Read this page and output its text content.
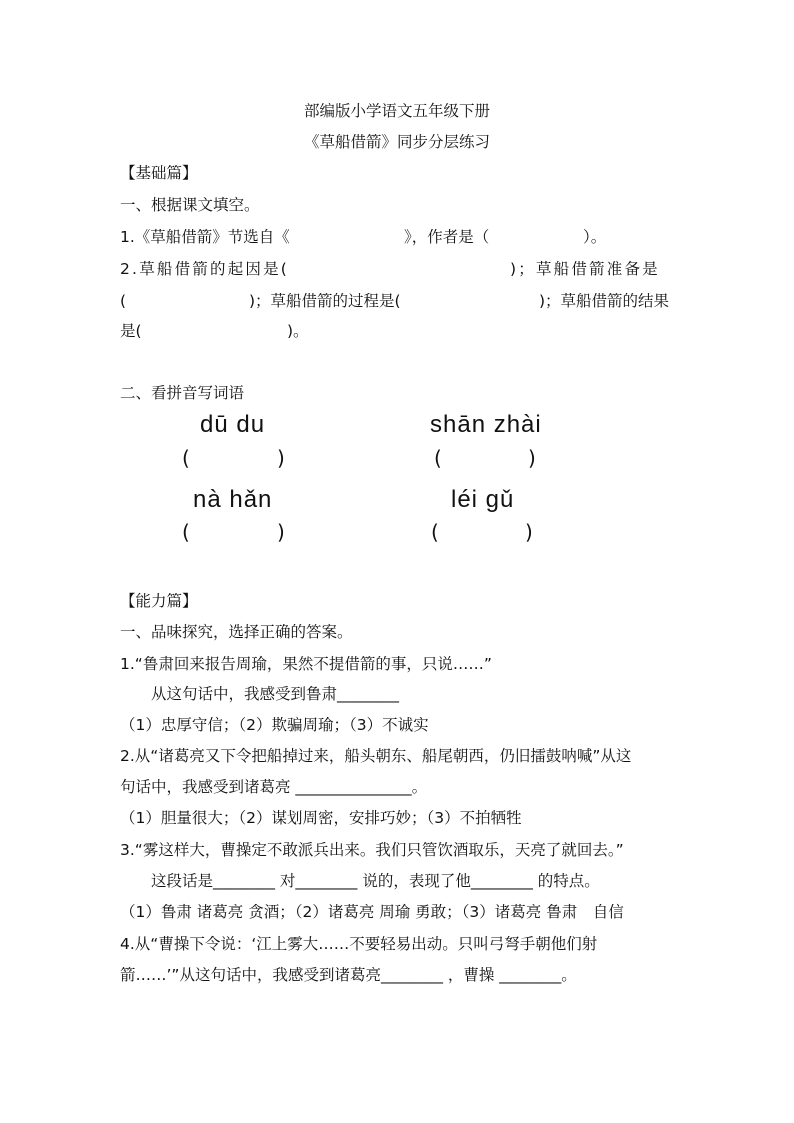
部编版小学语文五年级下册
《草船借箭》同步分层练习
【基础篇】
一、根据课文填空。
1.《草船借箭》节选自《	》，作者是（	）。
2.草船借箭的起因是(	)；草船借箭准备是
(	)；草船借箭的过程是(	)；草船借箭的结果
是(	)。
二、看拼音写词语
dū du	shān zhài
(	)	(	)
nà hǎn	léi gǔ
(	)	(	)
【能力篇】
一、品味探究，选择正确的答案。
1.“鲁肃回来报告周瑜，果然不提借箭的事，只说……”
从这句话中，我感受到鲁肃________
（1）忠厚守信；（2）欺骗周瑜；（3）不诚实
2.从“诸葛亮又下令把船掉过来，船头朝东、船尾朝西，仍旧擂鼓呐喊”从这
句话中，我感受到诸葛亮 _______________。
（1）胆量很大；（2）谋划周密，安排巧妙；（3）不拍牺牲
3.“雾这样大，曹操定不敢派兵出来。我们只管饮酒取乐，天亮了就回去。”
这段话是________ 对________ 说的，表现了他________ 的特点。
（1）鲁肃 诸葛亮 贪酒；（2）诸葛亮 周瑜 勇敢；（3）诸葛亮 鲁肃　自信
4.从“曹操下令说：‘江上雾大……不要轻易出动。只叫弓弩手朝他们射
箭……’”从这句话中，我感受到诸葛亮________ ，曹操 ________。
